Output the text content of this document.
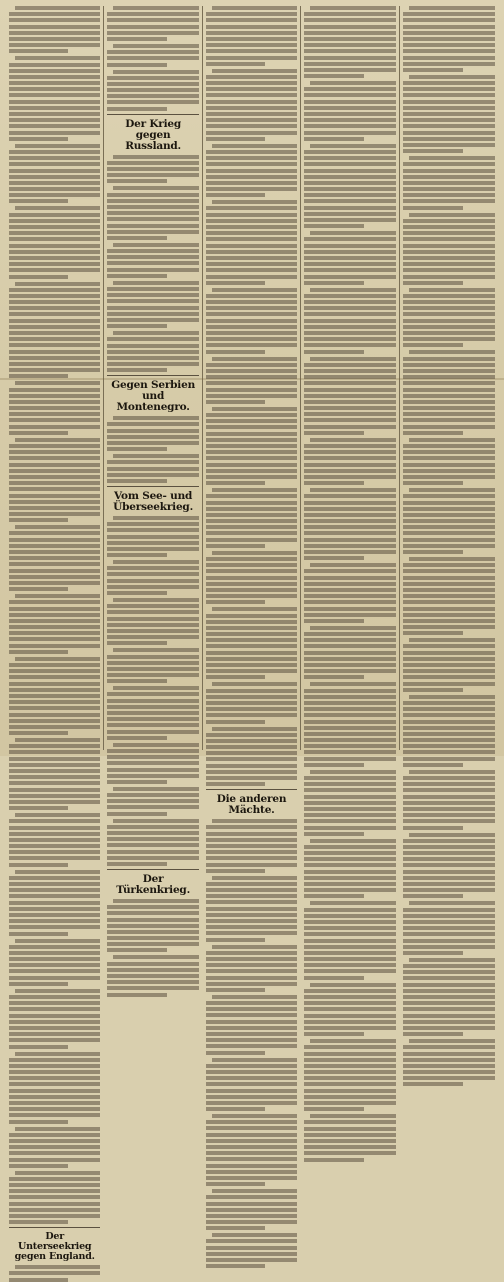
Der Unterseekrieg gegen England.
Der Krieg gegen Russland.
Gegen Serbien und Montenegro.
Vom See- und Überseekrieg.
Der Türkenkrieg.
Die anderen Mächte.
